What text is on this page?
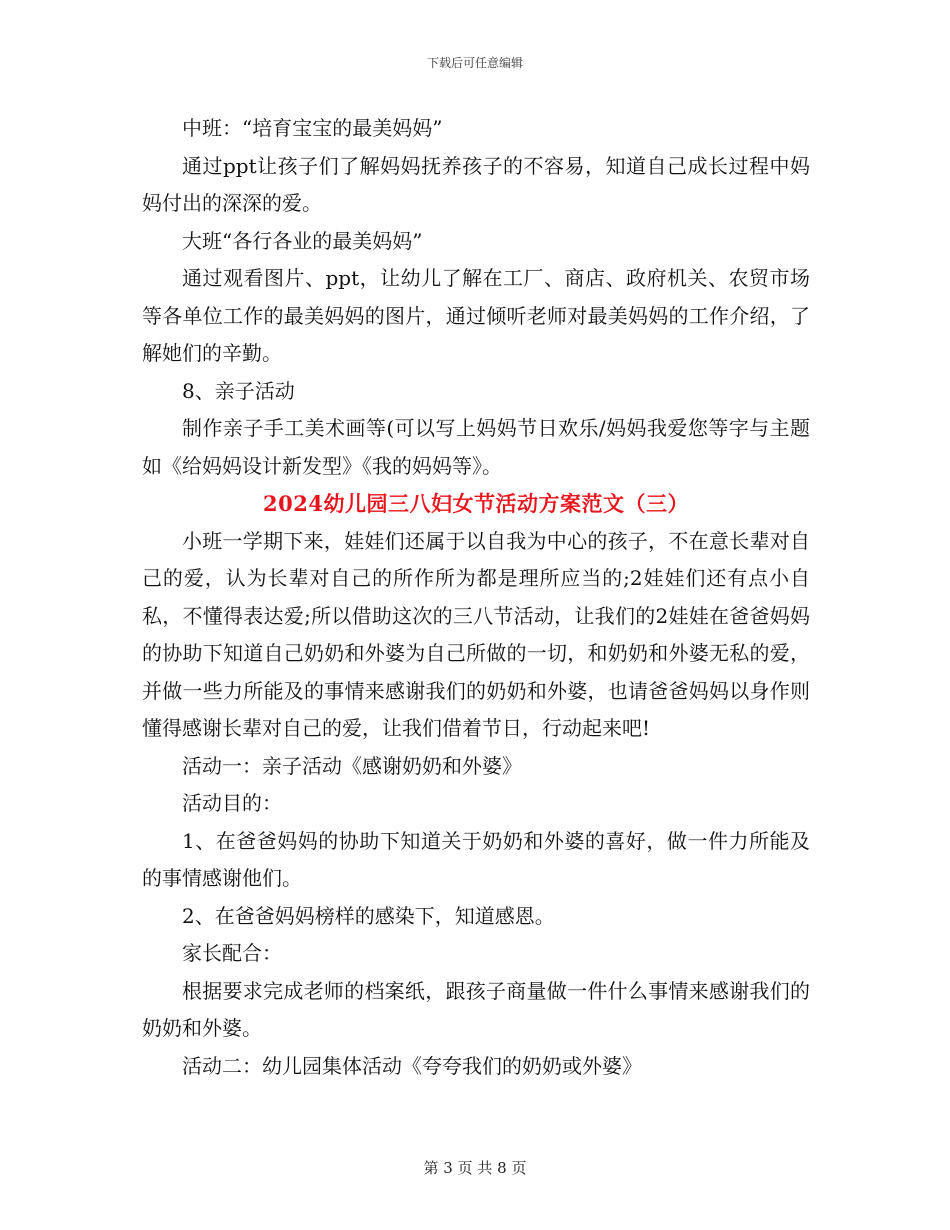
下载后可任意编辑

中班：“培育宝宝的最美妈妈”

通过ppt让孩子们了解妈妈抚养孩子的不容易，知道自己成长过程中妈妈付出的深深的爱。

大班“各行各业的最美妈妈”

通过观看图片、ppt，让幼儿了解在工厂、商店、政府机关、农贸市场等各单位工作的最美妈妈的图片，通过倾听老师对最美妈妈的工作介绍，了解她们的辛勤。

8、亲子活动

制作亲子手工美术画等(可以写上妈妈节日欢乐/妈妈我爱您等字与主题如《给妈妈设计新发型》《我的妈妈等》。

2024幼儿园三八妇女节活动方案范文（三）

小班一学期下来，娃娃们还属于以自我为中心的孩子，不在意长辈对自己的爱，认为长辈对自己的所作所为都是理所应当的;2娃娃们还有点小自私，不懂得表达爱;所以借助这次的三八节活动，让我们的2娃娃在爸爸妈妈的协助下知道自己奶奶和外婆为自己所做的一切，和奶奶和外婆无私的爱，并做一些力所能及的事情来感谢我们的奶奶和外婆，也请爸爸妈妈以身作则懂得感谢长辈对自己的爱，让我们借着节日，行动起来吧!

活动一：亲子活动《感谢奶奶和外婆》

活动目的：

1、在爸爸妈妈的协助下知道关于奶奶和外婆的喜好，做一件力所能及的事情感谢他们。

2、在爸爸妈妈榜样的感染下，知道感恩。

家长配合：

根据要求完成老师的档案纸，跟孩子商量做一件什么事情来感谢我们的奶奶和外婆。

活动二：幼儿园集体活动《夸夸我们的奶奶或外婆》

第 3 页 共 8 页
